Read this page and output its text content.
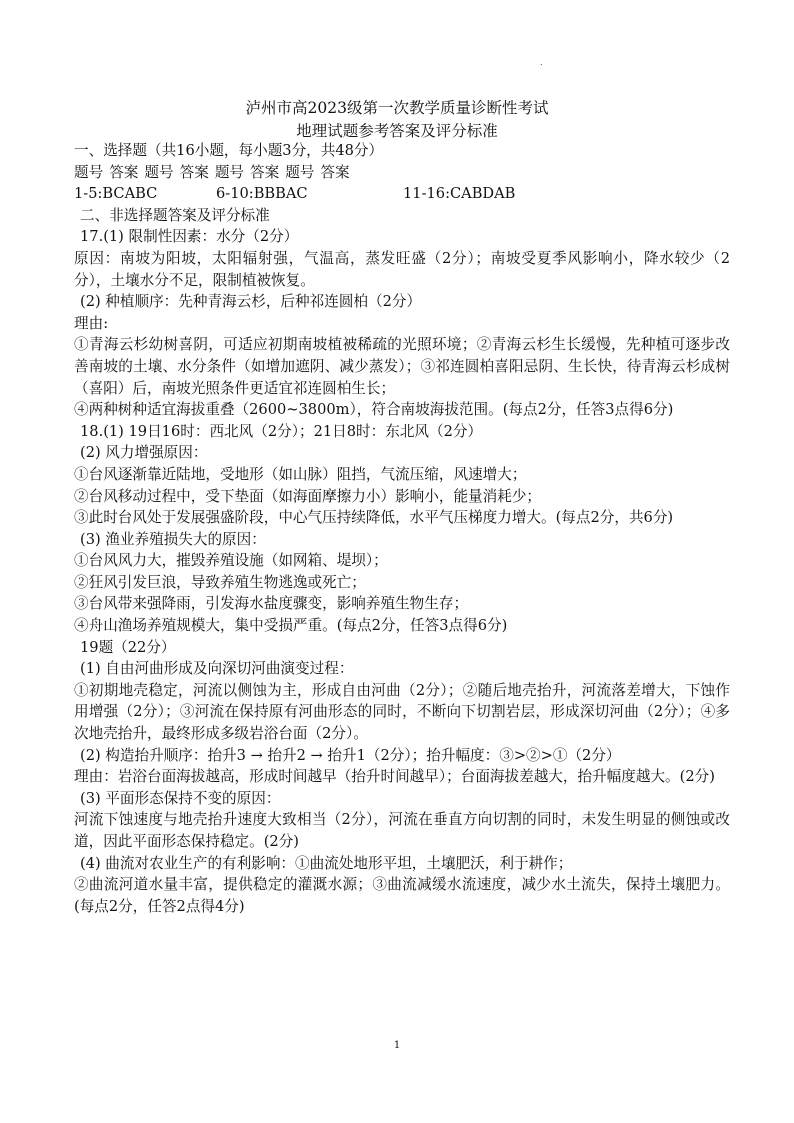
.
泸州市高2023级第一次教学质量诊断性考试
地理试题参考答案及评分标准

一、选择题（共16小题，每小题3分，共48分）

题号 答案 题号 答案 题号 答案 题号 答案

1-5:BCABC	6-10:BBBAC	11-16:CABDAB

二、非选择题答案及评分标准

17.(1) 限制性因素：水分（2分）

原因：南坡为阳坡，太阳辐射强，气温高，蒸发旺盛（2分）；南坡受夏季风影响小，降水较少（2分），土壤水分不足，限制植被恢复。

(2) 种植顺序：先种青海云杉，后种祁连圆柏（2分）

理由:

①青海云杉幼树喜阴，可适应初期南坡植被稀疏的光照环境；②青海云杉生长缓慢，先种植可逐步改善南坡的土壤、水分条件（如增加遮阴、减少蒸发）；③祁连圆柏喜阳忌阴、生长快，待青海云杉成树（喜阳）后，南坡光照条件更适宜祁连圆柏生长；

④两种树种适宜海拔重叠（2600~3800m），符合南坡海拔范围。(每点2分，任答3点得6分)

18.(1) 19日16时：西北风（2分）；21日8时：东北风（2分）

(2) 风力增强原因：

①台风逐渐靠近陆地，受地形（如山脉）阻挡，气流压缩，风速增大；

②台风移动过程中，受下垫面（如海面摩擦力小）影响小，能量消耗少；

③此时台风处于发展强盛阶段，中心气压持续降低，水平气压梯度力增大。(每点2分，共6分)

(3) 渔业养殖损失大的原因：

①台风风力大，摧毁养殖设施（如网箱、堤坝）；

②狂风引发巨浪，导致养殖生物逃逸或死亡；

③台风带来强降雨，引发海水盐度骤变，影响养殖生物生存；

④舟山渔场养殖规模大，集中受损严重。(每点2分，任答3点得6分)

19题（22分）

(1) 自由河曲形成及向深切河曲演变过程：

①初期地壳稳定，河流以侧蚀为主，形成自由河曲（2分）；②随后地壳抬升，河流落差增大，下蚀作用增强（2分）；③河流在保持原有河曲形态的同时，不断向下切割岩层，形成深切河曲（2分）；④多次地壳抬升，最终形成多级岩浴台面（2分）。

(2) 构造抬升顺序：抬升3 → 抬升2 → 抬升1（2分）；抬升幅度：③>②>①（2分）

理由：岩浴台面海拔越高，形成时间越早（抬升时间越早）；台面海拔差越大，抬升幅度越大。(2分)

(3) 平面形态保持不变的原因：

河流下蚀速度与地壳抬升速度大致相当（2分），河流在垂直方向切割的同时，未发生明显的侧蚀或改道，因此平面形态保持稳定。(2分)

(4) 曲流对农业生产的有利影响：①曲流处地形平坦，土壤肥沃，利于耕作；

②曲流河道水量丰富，提供稳定的灌溉水源；③曲流减缓水流速度，减少水土流失，保持土壤肥力。(每点2分，任答2点得4分)

1
